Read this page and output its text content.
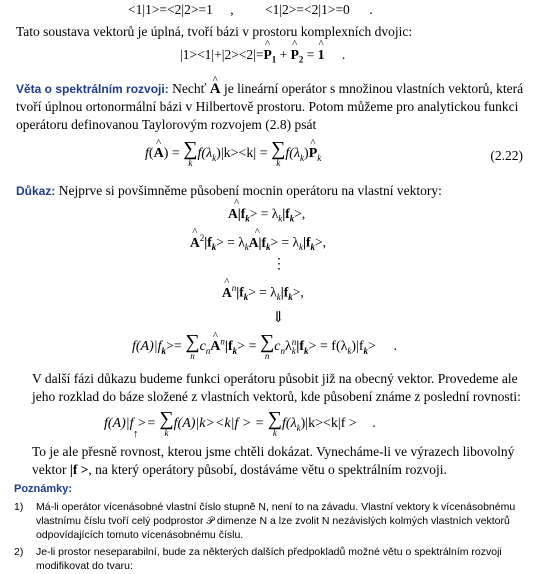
<1|1>=<2|2>=1 , <1|2>=<2|1>=0 .
Tato soustava vektorů je úplná, tvoří bázi v prostoru komplexních dvojic:
|1><1|+|2><2|=^ $P_1$ + ^ $P_2$ = ^ 1 .
Věta o spektrálním rozvoji: Nechť ^ A je lineární operátor s množinou vlastních vektorů, která tvoří úplnou ortonormální bázi v Hilbertově prostoru. Potom můžeme pro analytickou funkci operátoru definovanou Taylorovým rozvojem (2.8) psát
f(^ A) = ∑
k
$f(\lambda_k)|k><k|$ = ∑
k
$f(\lambda_k)\^{}$ $P_k$	(2.22)
Důkaz: Nejprve si povšimněme působení mocnin operátoru na vlastní vektory:
^ $A|f_k> = \lambda_k|f_k>$,
^ $A^2|f_k>$ = $\lambda_k\^{}$ $A|f_k> = \lambda_k|f_k>$,
⋮
^ $A^n|f_k> = \lambda_k|f_k>$,
⇓
$f(A)|f_k>=$ ∑
n
$c_n\^{}$ $A^n|f_k>$ = ∑
n
$c_n\lambda_k^n|f_k> = f(\lambda_k)|f_k>$ .
V další fázi důkazu budeme funkci operátoru působit již na obecný vektor. Provedeme ale jeho rozklad do báze složené z vlastních vektorů, kde působení známe z poslední rovnosti:
f(A)|f >= ∑
k
f(A)|k><k|f > = ∑
k
$f(\lambda_k)|k><k|f$ > .
↑
To je ale přesně rovnost, kterou jsme chtěli dokázat. Vynecháme-li ve výrazech libovolný vektor |f >, na který operátory působí, dostáváme větu o spektrálním rozvoji.
Poznámky:
1) Má-li operátor vícenásobné vlastní číslo stupně N, není to na závadu. Vlastní vektory k vícenásobnému vlastnímu číslu tvoří celý podprostor 𝒫 dimenze N a lze zvolit N nezávislých kolmých vlastních vektorů odpovídajících tomuto vícenásobnému číslu.
2) Je-li prostor neseparabilní, bude za některých dalších předpokladů možné větu o spektrálním rozvoji modifikovat do tvaru:
